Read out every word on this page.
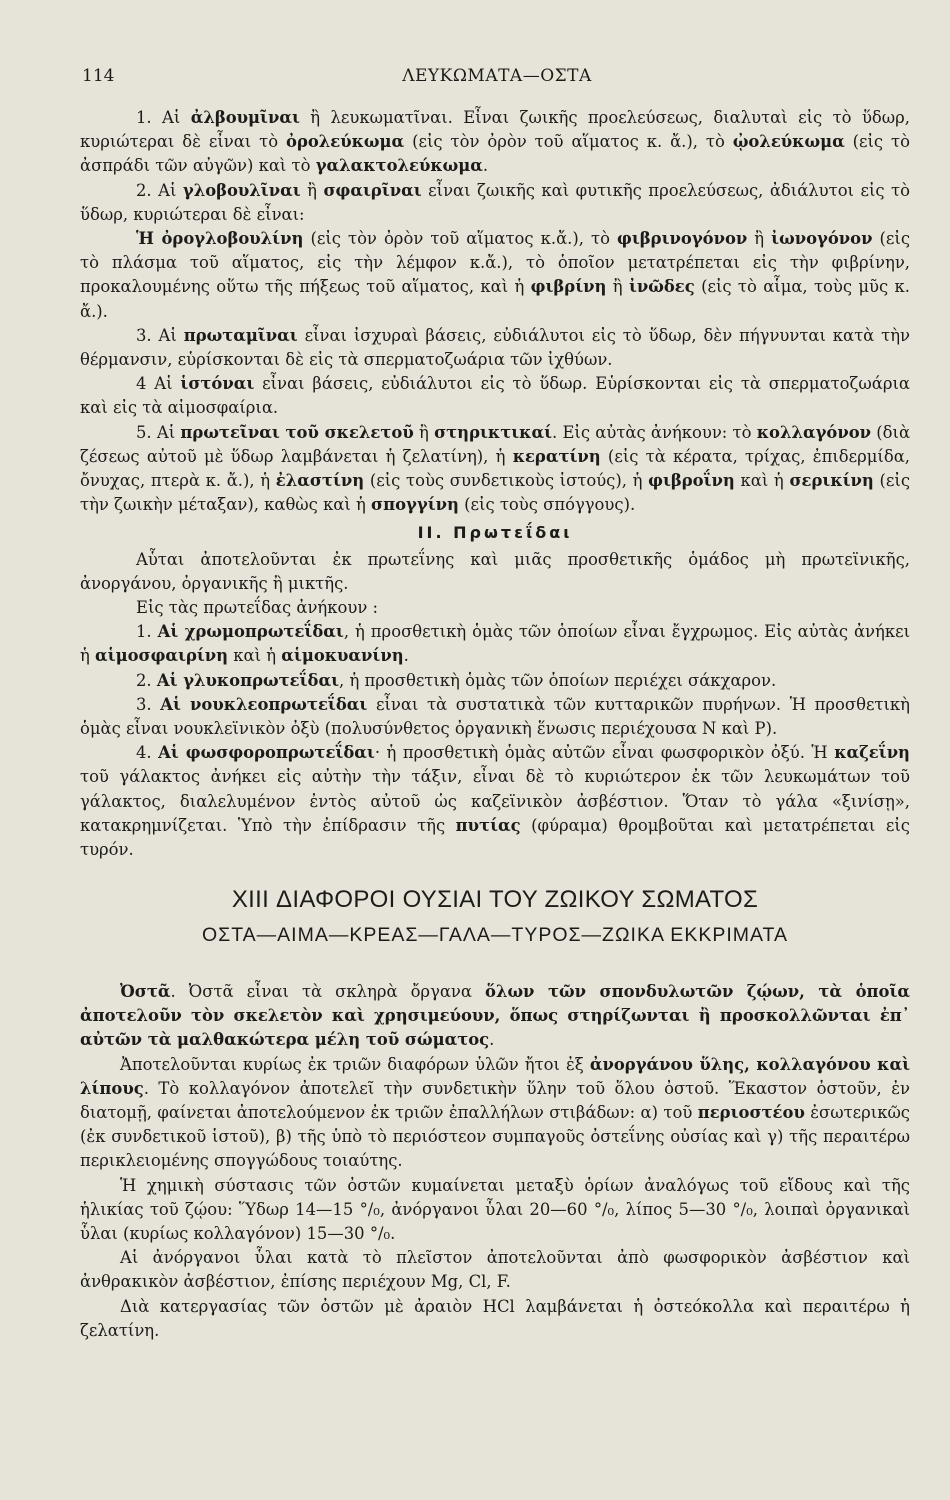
114	ΛΕΥΚΩΜΑΤΑ—ΟΣΤΑ

1. Αἱ ἀλβουμῖναι ἢ λευκωματῖναι. Εἶναι ζωικῆς προελεύσεως, διαλυταὶ εἰς τὸ ὕδωρ, κυριώτεραι δὲ εἶναι τὸ ὀρολεύκωμα (εἰς τὸν ὀρὸν τοῦ αἵματος κ. ἄ.), τὸ ᾠολεύκωμα (εἰς τὸ ἀσπράδι τῶν αὐγῶν) καὶ τὸ γαλακτολεύκωμα.

2. Αἱ γλοβουλῖναι ἢ σφαιρῖναι εἶναι ζωικῆς καὶ φυτικῆς προελεύσεως, ἀδιάλυτοι εἰς τὸ ὕδωρ, κυριώτεραι δὲ εἶναι:

Ἡ ὀρογλοβουλίνη (εἰς τὸν ὀρὸν τοῦ αἵματος κ.ἄ.), τὸ φιβρινογόνον ἢ ἰωνογόνον (εἰς τὸ πλάσμα τοῦ αἵματος, εἰς τὴν λέμφον κ.ἄ.), τὸ ὁποῖον μετατρέπεται εἰς τὴν φιβρίνην, προκαλουμένης οὕτω τῆς πήξεως τοῦ αἵματος, καὶ ἡ φιβρίνη ἢ ἰνῶδες (εἰς τὸ αἷμα, τοὺς μῦς κ. ἄ.).

3. Αἱ πρωταμῖναι εἶναι ἰσχυραὶ βάσεις, εὐδιάλυτοι εἰς τὸ ὕδωρ, δὲν πήγνυνται κατὰ τὴν θέρμανσιν, εὑρίσκονται δὲ εἰς τὰ σπερματοζωάρια τῶν ἰχθύων.

4 Αἱ ἱστόναι εἶναι βάσεις, εὐδιάλυτοι εἰς τὸ ὕδωρ. Εὑρίσκονται εἰς τὰ σπερματοζωάρια καὶ εἰς τὰ αἱμοσφαίρια.

5. Αἱ πρωτεῖναι τοῦ σκελετοῦ ἢ στηρικτικαί. Εἰς αὐτὰς ἀνήκουν: τὸ κολλαγόνον (διὰ ζέσεως αὐτοῦ μὲ ὕδωρ λαμβάνεται ἡ ζελατίνη), ἡ κερατίνη (εἰς τὰ κέρατα, τρίχας, ἐπιδερμίδα, ὄνυχας, πτερὰ κ. ἄ.), ἡ ἐλαστίνη (εἰς τοὺς συνδετικοὺς ἱστούς), ἡ φιβροΐνη καὶ ἡ σερικίνη (εἰς τὴν ζωικὴν μέταξαν), καθὼς καὶ ἡ σπογγίνη (εἰς τοὺς σπόγγους).

II. Πρωτεΐδαι

Αὗται ἀποτελοῦνται ἐκ πρωτεΐνης καὶ μιᾶς προσθετικῆς ὁμάδος μὴ πρωτεϊνικῆς, ἀνοργάνου, ὀργανικῆς ἢ μικτῆς.

Εἰς τὰς πρωτεΐδας ἀνήκουν :

1. Αἱ χρωμοπρωτεΐδαι, ἡ προσθετικὴ ὁμὰς τῶν ὁποίων εἶναι ἔγχρωμος. Εἰς αὐτὰς ἀνήκει ἡ αἱμοσφαιρίνη καὶ ἡ αἱμοκυανίνη.

2. Αἱ γλυκοπρωτεΐδαι, ἡ προσθετικὴ ὁμὰς τῶν ὁποίων περιέχει σάκχαρον.

3. Αἱ νουκλεοπρωτεΐδαι εἶναι τὰ συστατικὰ τῶν κυτταρικῶν πυρήνων. Ἡ προσθετικὴ ὁμὰς εἶναι νουκλεϊνικὸν ὀξὺ (πολυσύνθετος ὀργανικὴ ἕνωσις περιέχουσα N καὶ P).

4. Αἱ φωσφοροπρωτεΐδαι· ἡ προσθετικὴ ὁμὰς αὐτῶν εἶναι φωσφορικὸν ὀξύ. Ἡ καζεΐνη τοῦ γάλακτος ἀνήκει εἰς αὐτὴν τὴν τάξιν, εἶναι δὲ τὸ κυριώτερον ἐκ τῶν λευκωμάτων τοῦ γάλακτος, διαλελυμένον ἐντὸς αὐτοῦ ὡς καζεϊνικὸν ἀσβέστιον. Ὅταν τὸ γάλα «ξινίσῃ», κατακρημνίζεται. Ὑπὸ τὴν ἐπίδρασιν τῆς πυτίας (φύραμα) θρομβοῦται καὶ μετατρέπεται εἰς τυρόν.

XIII ΔΙΑΦΟΡΟΙ ΟΥΣΙΑΙ ΤΟΥ ΖΩΙΚΟΥ ΣΩΜΑΤΟΣ
ΟΣΤΑ—ΑΙΜΑ—ΚΡΕΑΣ—ΓΑΛΑ—ΤΥΡΟΣ—ΖΩΙΚΑ ΕΚΚΡΙΜΑΤΑ

Ὀστᾶ. Ὀστᾶ εἶναι τὰ σκληρὰ ὄργανα ὅλων τῶν σπονδυλωτῶν ζῴων, τὰ ὁποῖα ἀποτελοῦν τὸν σκελετὸν καὶ χρησιμεύουν, ὅπως στηρίζωνται ἢ προσκολλῶνται ἐπ᾽ αὐτῶν τὰ μαλθακώτερα μέλη τοῦ σώματος.

Ἀποτελοῦνται κυρίως ἐκ τριῶν διαφόρων ὑλῶν ἤτοι ἐξ ἀνοργάνου ὕλης, κολλαγόνου καὶ λίπους. Τὸ κολλαγόνον ἀποτελεῖ τὴν συνδετικὴν ὕλην τοῦ ὅλου ὀστοῦ. Ἕκαστον ὀστοῦν, ἐν διατομῇ, φαίνεται ἀποτελούμενον ἐκ τριῶν ἐπαλλήλων στιβάδων: α) τοῦ περιοστέου ἐσωτερικῶς (ἐκ συνδετικοῦ ἱστοῦ), β) τῆς ὑπὸ τὸ περιόστεον συμπαγοῦς ὀστεΐνης οὐσίας καὶ γ) τῆς περαιτέρω περικλειομένης σπογγώδους τοιαύτης.

Ἡ χημικὴ σύστασις τῶν ὀστῶν κυμαίνεται μεταξὺ ὁρίων ἀναλόγως τοῦ εἴδους καὶ τῆς ἡλικίας τοῦ ζῴου: Ὕδωρ 14—15 °/₀, ἀνόργανοι ὗλαι 20—60 °/₀, λίπος 5—30 °/₀, λοιπαὶ ὀργανικαὶ ὗλαι (κυρίως κολλαγόνον) 15—30 °/₀.

Αἱ ἀνόργανοι ὗλαι κατὰ τὸ πλεῖστον ἀποτελοῦνται ἀπὸ φωσφορικὸν ἀσβέστιον καὶ ἀνθρακικὸν ἀσβέστιον, ἐπίσης περιέχουν Mg, Cl, F.

Διὰ κατεργασίας τῶν ὀστῶν μὲ ἀραιὸν HCl λαμβάνεται ἡ ὀστεόκολλα καὶ περαιτέρω ἡ ζελατίνη.
